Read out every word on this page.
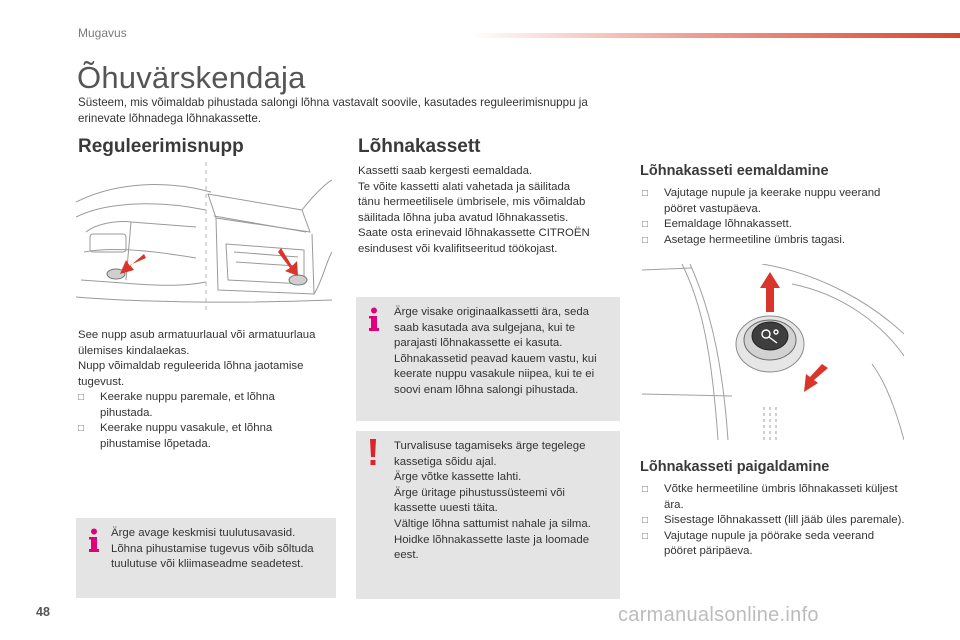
Mugavus
Õhuvärskendaja
Süsteem, mis võimaldab pihustada salongi lõhna vastavalt soovile, kasutades reguleerimisnuppu ja
erinevate lõhnadega lõhnakassette.
Reguleerimisnupp
See nupp asub armatuurlaual või armatuurlaua
ülemises kindalaekas.
Nupp võimaldab reguleerida lõhna jaotamise
tugevust.
□	Keerake nuppu paremale, et lõhna pihustada.
□	Keerake nuppu vasakule, et lõhna pihustamise lõpetada.
Ärge avage keskmisi tuulutusavasid.
Lõhna pihustamise tugevus võib sõltuda
tuulutuse või kliimaseadme seadetest.
Lõhnakassett
Kassetti saab kergesti eemaldada.
Te võite kassetti alati vahetada ja säilitada
tänu hermeetilisele ümbrisele, mis võimaldab
säilitada lõhna juba avatud lõhnakassetis.
Saate osta erinevaid lõhnakassette CITROËN
esindusest või kvalifitseeritud töökojast.
Ärge visake originaalkassetti ära, seda
saab kasutada ava sulgejana, kui te
parajasti lõhnakassette ei kasuta.
Lõhnakassetid peavad kauem vastu, kui
keerate nuppu vasakule niipea, kui te ei
soovi enam lõhna salongi pihustada.
Turvalisuse tagamiseks ärge tegelege
kassetiga sõidu ajal.
Ärge võtke kassette lahti.
Ärge üritage pihustussüsteemi või
kassette uuesti täita.
Vältige lõhna sattumist nahale ja silma.
Hoidke lõhnakassette laste ja loomade
eest.
Lõhnakasseti eemaldamine
□	Vajutage nupule ja keerake nuppu veerand pööret vastupäeva.
□	Eemaldage lõhnakassett.
□	Asetage hermeetiline ümbris tagasi.
Lõhnakasseti paigaldamine
□	Võtke hermeetiline ümbris lõhnakasseti küljest ära.
□	Sisestage lõhnakassett (lill jääb üles paremale).
□	Vajutage nupule ja pöörake seda veerand pööret päripäeva.
48	carmanualsonline.info
